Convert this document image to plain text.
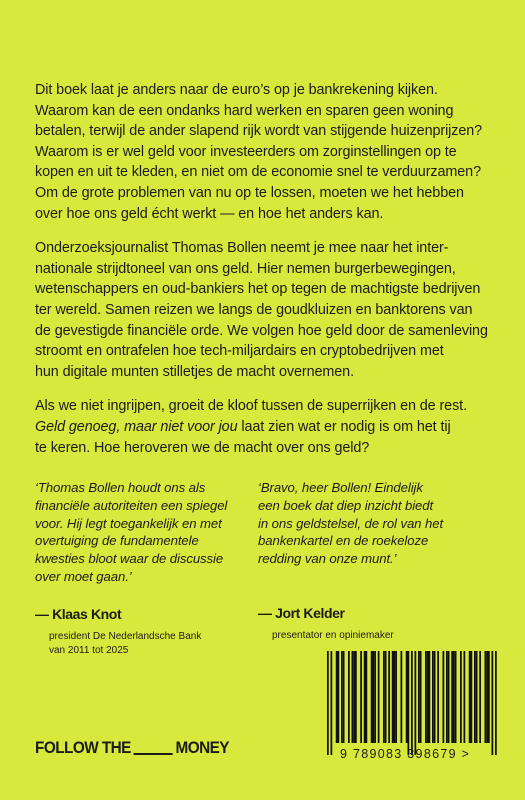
Dit boek laat je anders naar de euro’s op je bankrekening kijken.
Waarom kan de een ondanks hard werken en sparen geen woning
betalen, terwijl de ander slapend rijk wordt van stijgende huizenprijzen?
Waarom is er wel geld voor investeerders om zorginstellingen op te
kopen en uit te kleden, en niet om de economie snel te verduurzamen?
Om de grote problemen van nu op te lossen, moeten we het hebben
over hoe ons geld écht werkt — en hoe het anders kan.

Onderzoeksjournalist Thomas Bollen neemt je mee naar het inter-
nationale strijdtoneel van ons geld. Hier nemen burgerbewegingen,
wetenschappers en oud-bankiers het op tegen de machtigste bedrijven
ter wereld. Samen reizen we langs de goudkluizen en banktorens van
de gevestigde financiële orde. We volgen hoe geld door de samenleving
stroomt en ontrafelen hoe tech-miljardairs en cryptobedrijven met
hun digitale munten stilletjes de macht overnemen.

Als we niet ingrijpen, groeit de kloof tussen de superrijken en de rest.
Geld genoeg, maar niet voor jou laat zien wat er nodig is om het tij
te keren. Hoe heroveren we de macht over ons geld?

‘Thomas Bollen houdt ons als
financiële autoriteiten een spiegel
voor. Hij legt toegankelijk en met
overtuiging de fundamentele
kwesties bloot waar de discussie
over moet gaan.’
— Klaas Knot
president De Nederlandsche Bank
van 2011 tot 2025
‘Bravo, heer Bollen! Eindelijk
een boek dat diep inzicht biedt
in ons geldstelsel, de rol van het
bankenkartel en de roekeloze
redding van onze munt.’
— Jort Kelder
presentator en opiniemaker
FOLLOW THE	MONEY	9 789083 398679 >
